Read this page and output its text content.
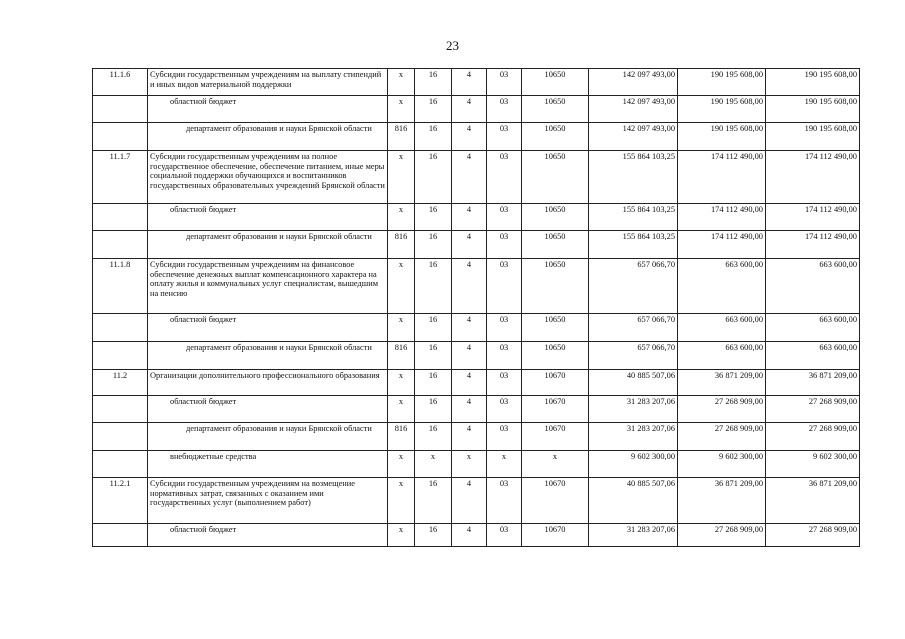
23
11.1.6	Субсидии государственным учреждениям на выплату стипендий и иных видов материальной поддержки	х	16	4	03	10650	142 097 493,00	190 195 608,00	190 195 608,00
	областной бюджет	х	16	4	03	10650	142 097 493,00	190 195 608,00	190 195 608,00

	департамент образования и науки Брянской области	816	16	4	03	10650	142 097 493,00	190 195 608,00	190 195 608,00
11.1.7	Субсидии государственным учреждениям на полное государственное обеспечение, обеспечение питанием, иные меры социальной поддержки обучающихся и воспитанников государственных образовательных учреждений Брянской области	х	16	4	03	10650	155 864 103,25	174 112 490,00	174 112 490,00
	областной бюджет	х	16	4	03	10650	155 864 103,25	174 112 490,00	174 112 490,00

	департамент образования и науки Брянской области	816	16	4	03	10650	155 864 103,25	174 112 490,00	174 112 490,00
11.1.8	Субсидии государственным учреждениям на финансовое обеспечение денежных выплат компенсационного характера на оплату жилья и коммунальных услуг специалистам, вышедшим на пенсию	х	16	4	03	10650	657 066,70	663 600,00	663 600,00
	областной бюджет	х	16	4	03	10650	657 066,70	663 600,00	663 600,00

	департамент образования и науки Брянской области	816	16	4	03	10650	657 066,70	663 600,00	663 600,00
11.2	Организации дополнительного профессионального образования	х	16	4	03	10670	40 885 507,06	36 871 209,00	36 871 209,00
	областной бюджет	х	16	4	03	10670	31 283 207,06	27 268 909,00	27 268 909,00

	департамент образования и науки Брянской области	816	16	4	03	10670	31 283 207,06	27 268 909,00	27 268 909,00
	внебюджетные средства	х	х	х	х	х	9 602 300,00	9 602 300,00	9 602 300,00
11.2.1	Субсидии государственным учреждениям на возмещение нормативных затрат, связанных с оказанием ими государственных услуг (выполнением работ)	х	16	4	03	10670	40 885 507,06	36 871 209,00	36 871 209,00
	областной бюджет	х	16	4	03	10670	31 283 207,06	27 268 909,00	27 268 909,00
